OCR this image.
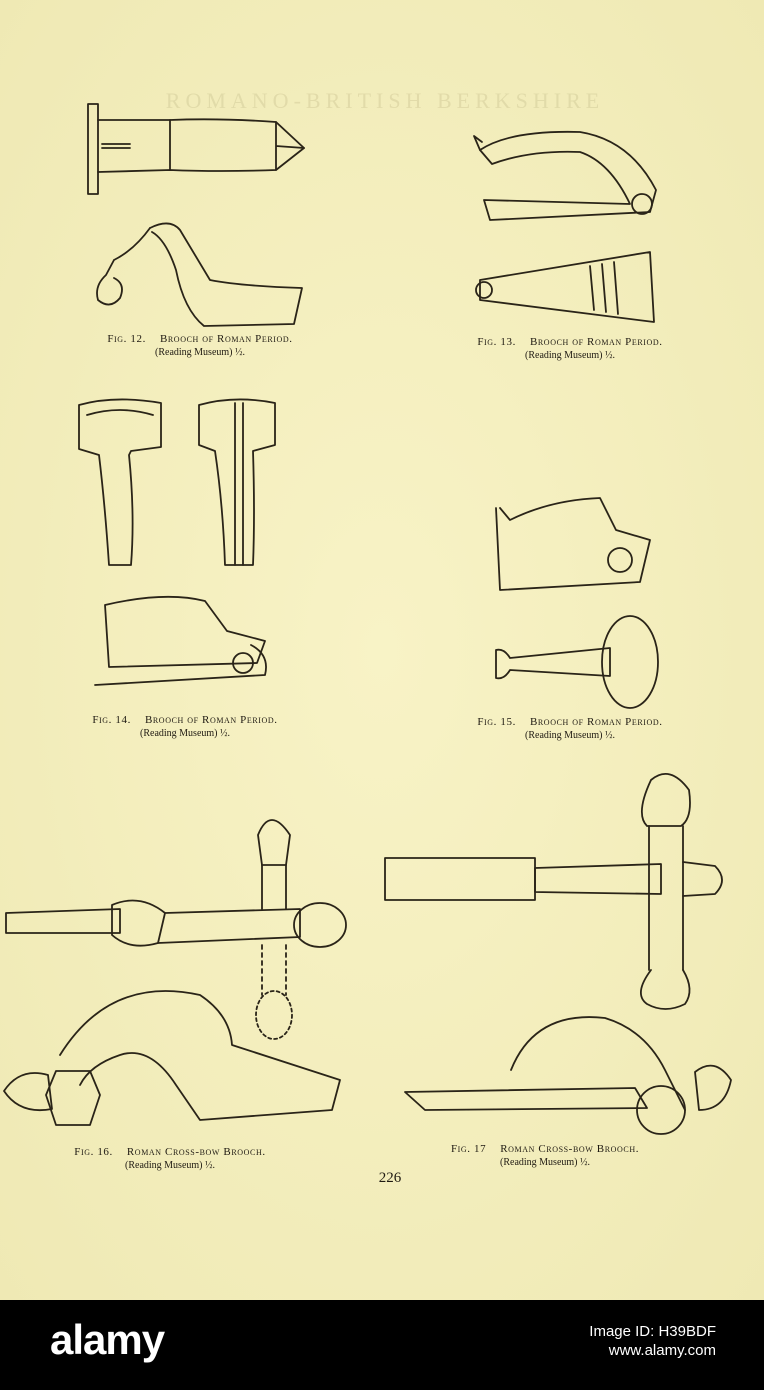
ROMANO-BRITISH BERKSHIRE
Fig. 12. Brooch of Roman Period.
(Reading Museum) ½.
Fig. 13. Brooch of Roman Period.
(Reading Museum) ½.
Fig. 14. Brooch of Roman Period.
(Reading Museum) ½.
Fig. 15. Brooch of Roman Period.
(Reading Museum) ½.
Fig. 16. Roman Cross-bow Brooch.
(Reading Museum) ½.
Fig. 17 Roman Cross-bow Brooch.
(Reading Museum) ½.
226
alamy	Image ID: H39BDF
www.alamy.com
